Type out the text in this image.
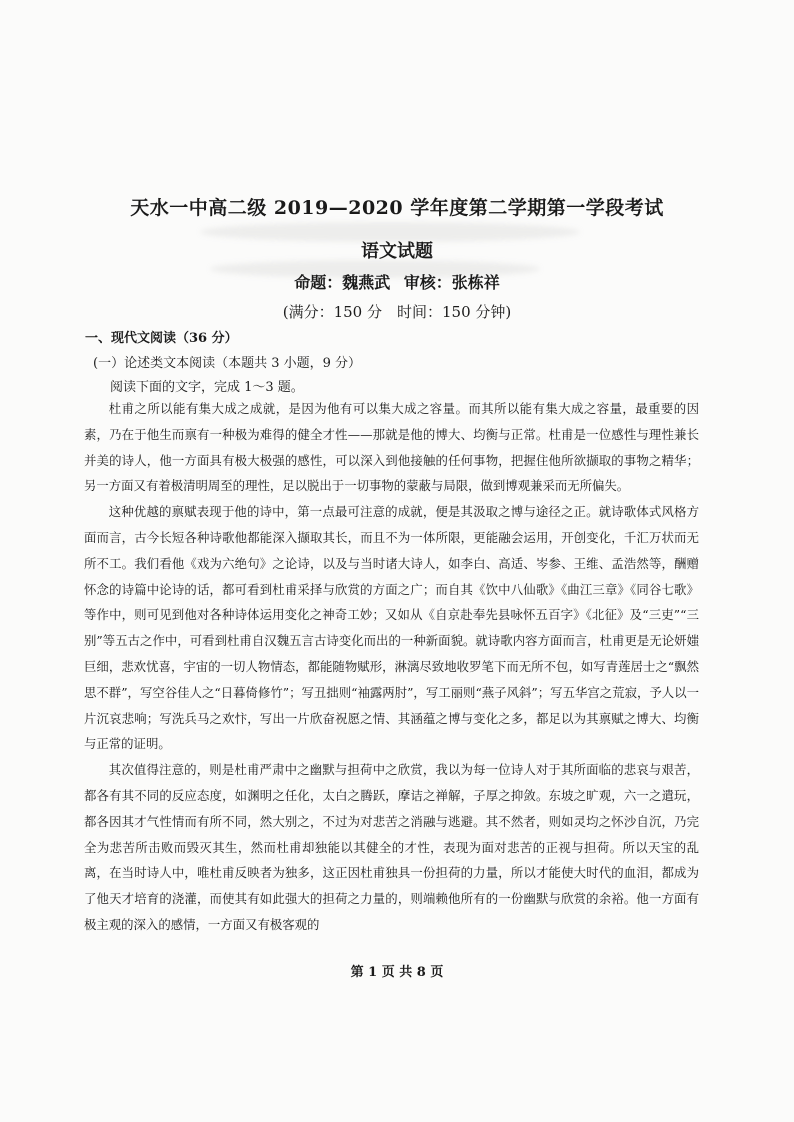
天水一中高二级 2019—2020 学年度第二学期第一学段考试
语文试题
命题：魏燕武 审核：张栋祥
(满分：150 分　时间：150 分钟)
一、现代文阅读（36 分）
(一）论述类文本阅读（本题共 3 小题，9 分）
阅读下面的文字，完成 1～3 题。

杜甫之所以能有集大成之成就，是因为他有可以集大成之容量。而其所以能有集大成之容量，最重要的因素，乃在于他生而禀有一种极为难得的健全才性——那就是他的博大、均衡与正常。杜甫是一位感性与理性兼长并美的诗人，他一方面具有极大极强的感性，可以深入到他接触的任何事物，把握住他所欲撷取的事物之精华；另一方面又有着极清明周至的理性，足以脱出于一切事物的蒙蔽与局限，做到博观兼采而无所偏失。

这种优越的禀赋表现于他的诗中，第一点最可注意的成就，便是其汲取之博与途径之正。就诗歌体式风格方面而言，古今长短各种诗歌他都能深入撷取其长，而且不为一体所限，更能融会运用，开创变化，千汇万状而无所不工。我们看他《戏为六绝句》之论诗，以及与当时诸大诗人，如李白、高适、岑参、王维、孟浩然等，酬赠怀念的诗篇中论诗的话，都可看到杜甫采择与欣赏的方面之广；而自其《饮中八仙歌》《曲江三章》《同谷七歌》等作中，则可见到他对各种诗体运用变化之神奇工妙；又如从《自京赴奉先县咏怀五百字》《北征》及“三吏”“三别”等五古之作中，可看到杜甫自汉魏五言古诗变化而出的一种新面貌。就诗歌内容方面而言，杜甫更是无论妍媸巨细，悲欢忧喜，宇宙的一切人物情态，都能随物赋形，淋漓尽致地收罗笔下而无所不包，如写青莲居士之“飘然思不群”，写空谷佳人之“日暮倚修竹”；写丑拙则“袖露两肘”，写工丽则“燕子风斜”；写五华宫之荒寂，予人以一片沉哀悲响；写洗兵马之欢忭，写出一片欣奋祝愿之情、其涵蕴之博与变化之多，都足以为其禀赋之博大、均衡与正常的证明。

其次值得注意的，则是杜甫严肃中之幽默与担荷中之欣赏，我以为每一位诗人对于其所面临的悲哀与艰苦，都各有其不同的反应态度，如渊明之任化，太白之腾跃，摩诘之禅解，子厚之抑敛。东坡之旷观，六一之遣玩，都各因其才气性情而有所不同，然大别之，不过为对悲苦之消融与逃避。其不然者，则如灵均之怀沙自沉，乃完全为悲苦所击败而毁灭其生，然而杜甫却独能以其健全的才性，表现为面对悲苦的正视与担荷。所以天宝的乱离，在当时诗人中，唯杜甫反映者为独多，这正因杜甫独具一份担荷的力量，所以才能使大时代的血泪，都成为了他天才培育的浇灌，而使其有如此强大的担荷之力量的，则端赖他所有的一份幽默与欣赏的余裕。他一方面有极主观的深入的感情，一方面又有极客观的

第 1 页 共 8 页
